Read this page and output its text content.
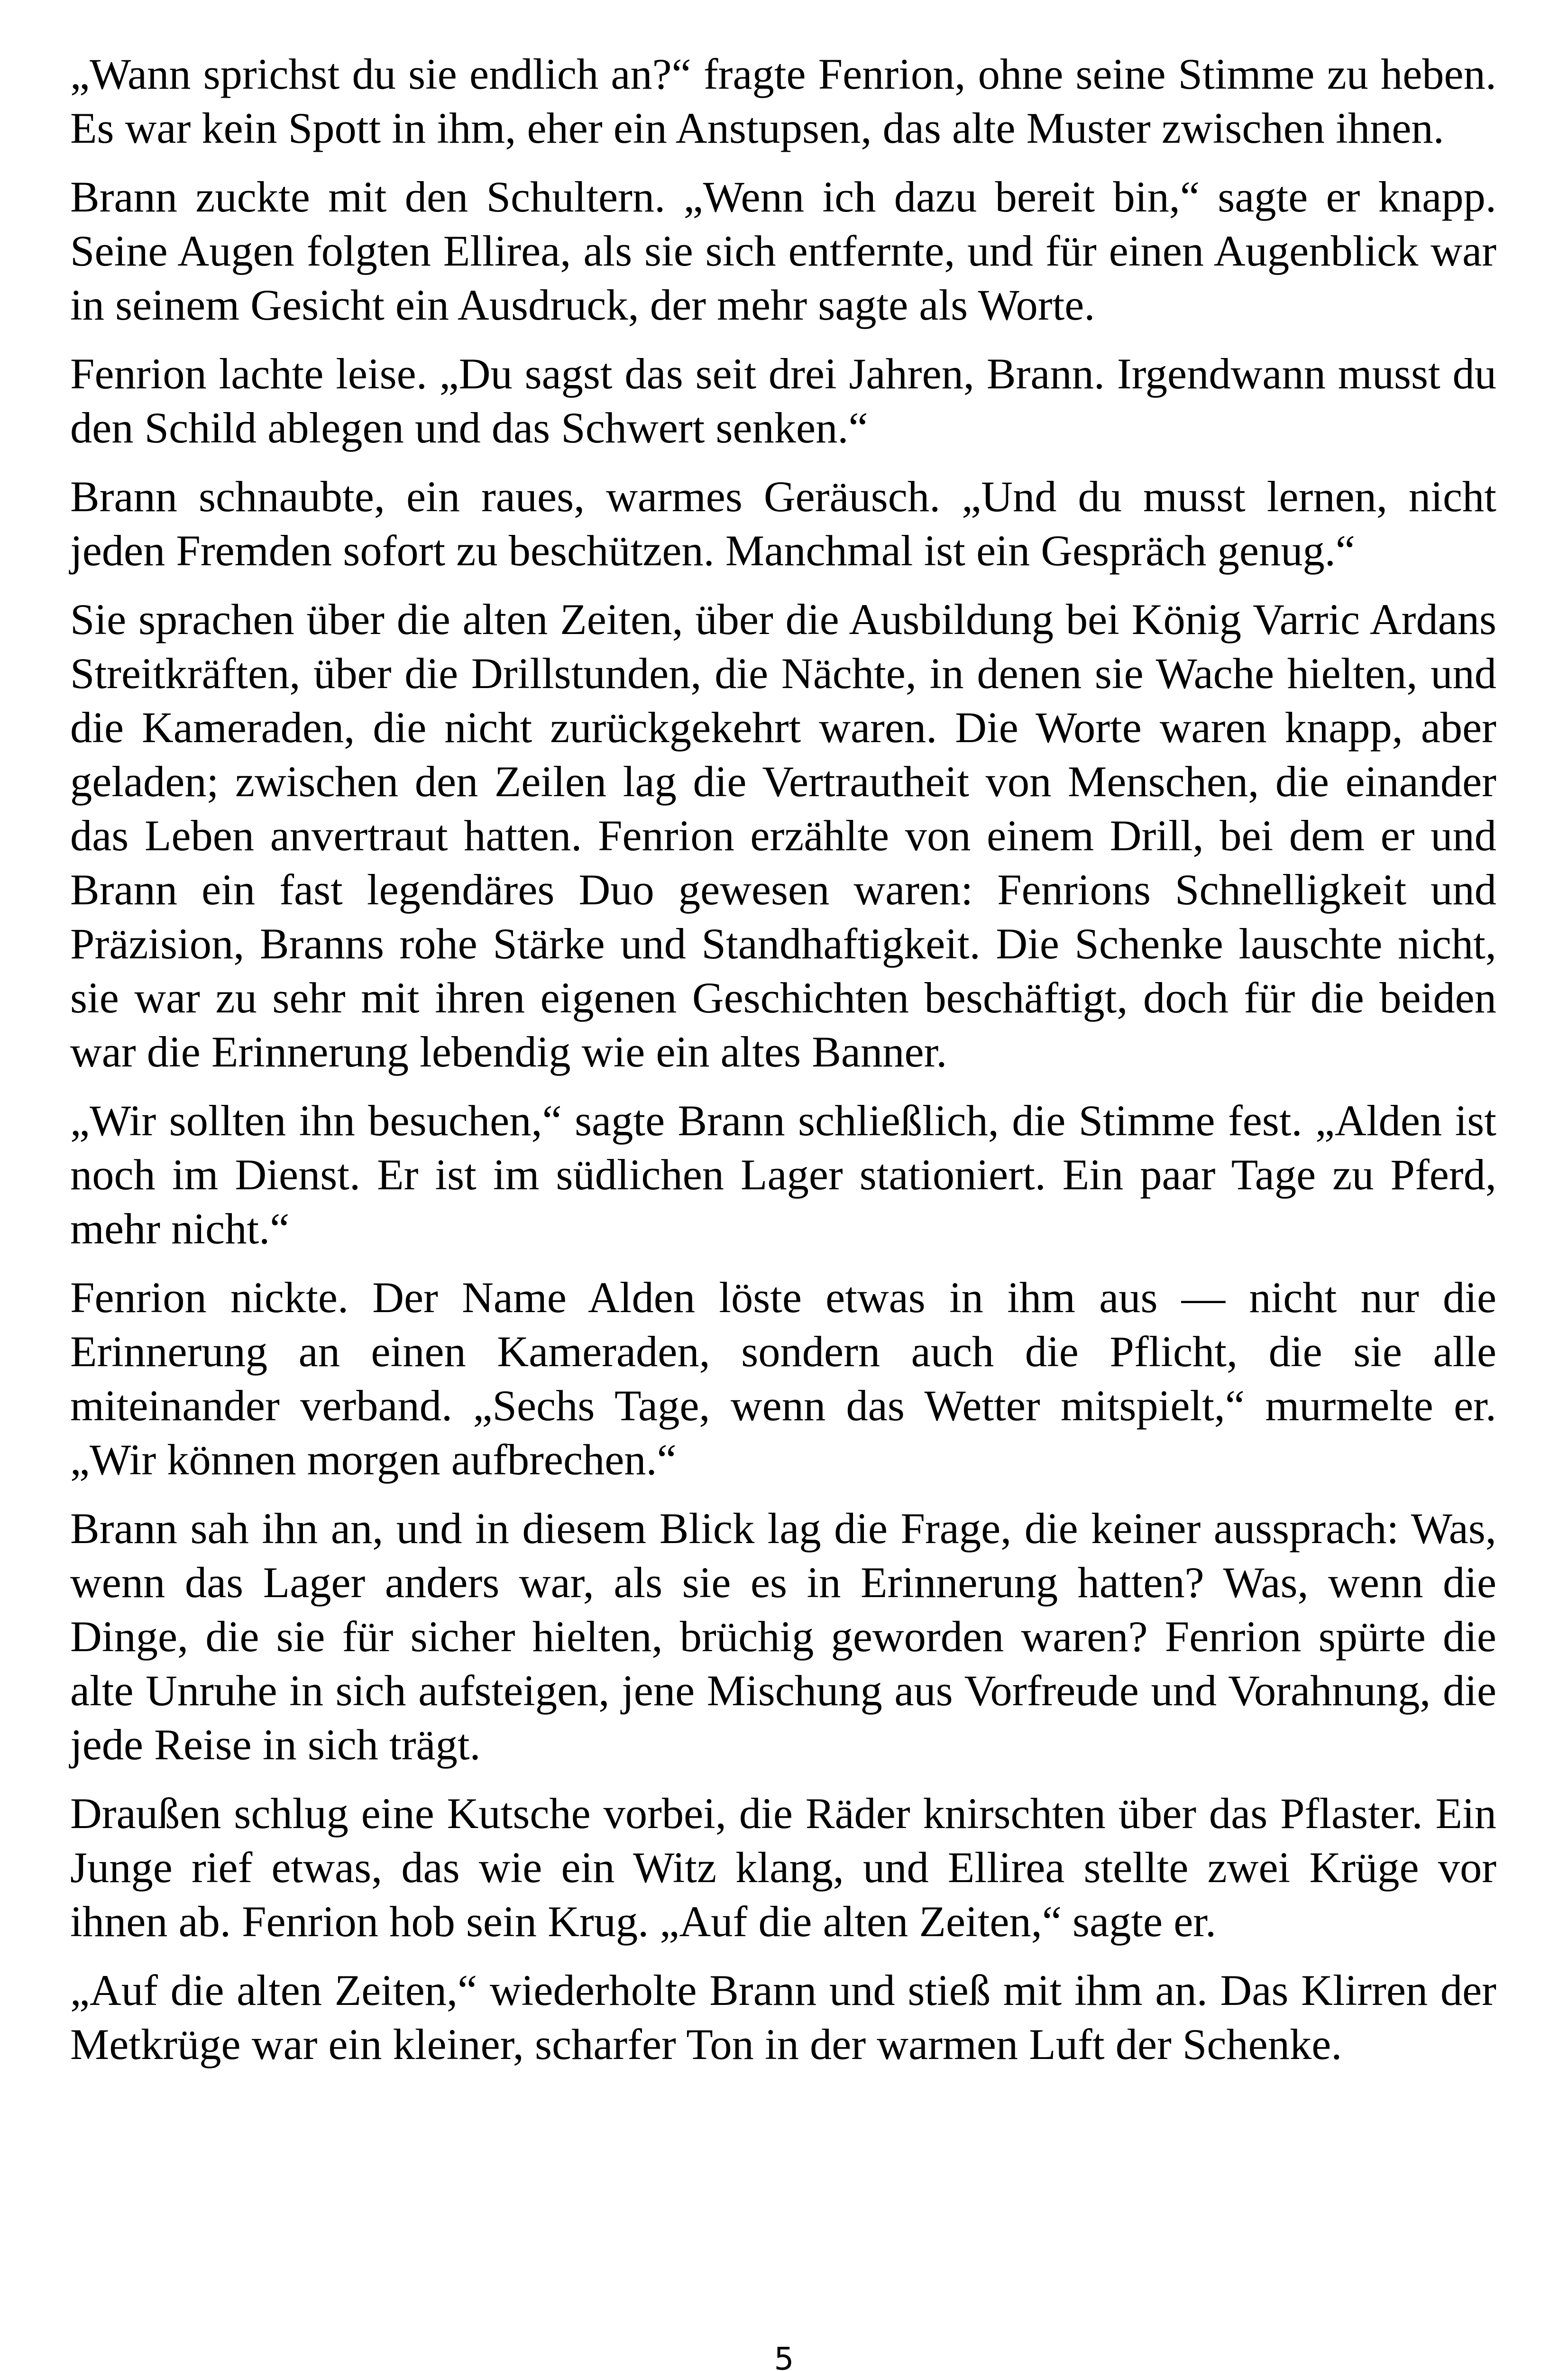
„Wann sprichst du sie endlich an?“ fragte Fenrion, ohne seine Stimme zu heben. Es war kein Spott in ihm, eher ein Anstupsen, das alte Muster zwischen ihnen.

Brann zuckte mit den Schultern. „Wenn ich dazu bereit bin,“ sagte er knapp. Seine Augen folgten Ellirea, als sie sich entfernte, und für einen Augenblick war in seinem Gesicht ein Ausdruck, der mehr sagte als Worte.

Fenrion lachte leise. „Du sagst das seit drei Jahren, Brann. Irgendwann musst du den Schild ablegen und das Schwert senken.“

Brann schnaubte, ein raues, warmes Geräusch. „Und du musst lernen, nicht jeden Fremden sofort zu beschützen. Manchmal ist ein Gespräch genug.“

Sie sprachen über die alten Zeiten, über die Ausbildung bei König Varric Ardans Streitkräften, über die Drillstunden, die Nächte, in denen sie Wache hielten, und die Kameraden, die nicht zurückgekehrt waren. Die Worte waren knapp, aber geladen; zwischen den Zeilen lag die Vertrautheit von Menschen, die einander das Leben anvertraut hatten. Fenrion erzählte von einem Drill, bei dem er und Brann ein fast legendäres Duo gewesen waren: Fenrions Schnelligkeit und Präzision, Branns rohe Stärke und Standhaftigkeit. Die Schenke lauschte nicht, sie war zu sehr mit ihren eigenen Geschichten beschäftigt, doch für die beiden war die Erinnerung lebendig wie ein altes Banner.

„Wir sollten ihn besuchen,“ sagte Brann schließlich, die Stimme fest. „Alden ist noch im Dienst. Er ist im südlichen Lager stationiert. Ein paar Tage zu Pferd, mehr nicht.“

Fenrion nickte. Der Name Alden löste etwas in ihm aus — nicht nur die Erinnerung an einen Kameraden, sondern auch die Pflicht, die sie alle miteinander verband. „Sechs Tage, wenn das Wetter mitspielt,“ murmelte er. „Wir können morgen aufbrechen.“

Brann sah ihn an, und in diesem Blick lag die Frage, die keiner aussprach: Was, wenn das Lager anders war, als sie es in Erinnerung hatten? Was, wenn die Dinge, die sie für sicher hielten, brüchig geworden waren? Fenrion spürte die alte Unruhe in sich aufsteigen, jene Mischung aus Vorfreude und Vorahnung, die jede Reise in sich trägt.

Draußen schlug eine Kutsche vorbei, die Räder knirschten über das Pflaster. Ein Junge rief etwas, das wie ein Witz klang, und Ellirea stellte zwei Krüge vor ihnen ab. Fenrion hob sein Krug. „Auf die alten Zeiten,“ sagte er.

„Auf die alten Zeiten,“ wiederholte Brann und stieß mit ihm an. Das Klirren der Metkrüge war ein kleiner, scharfer Ton in der warmen Luft der Schenke.

5
